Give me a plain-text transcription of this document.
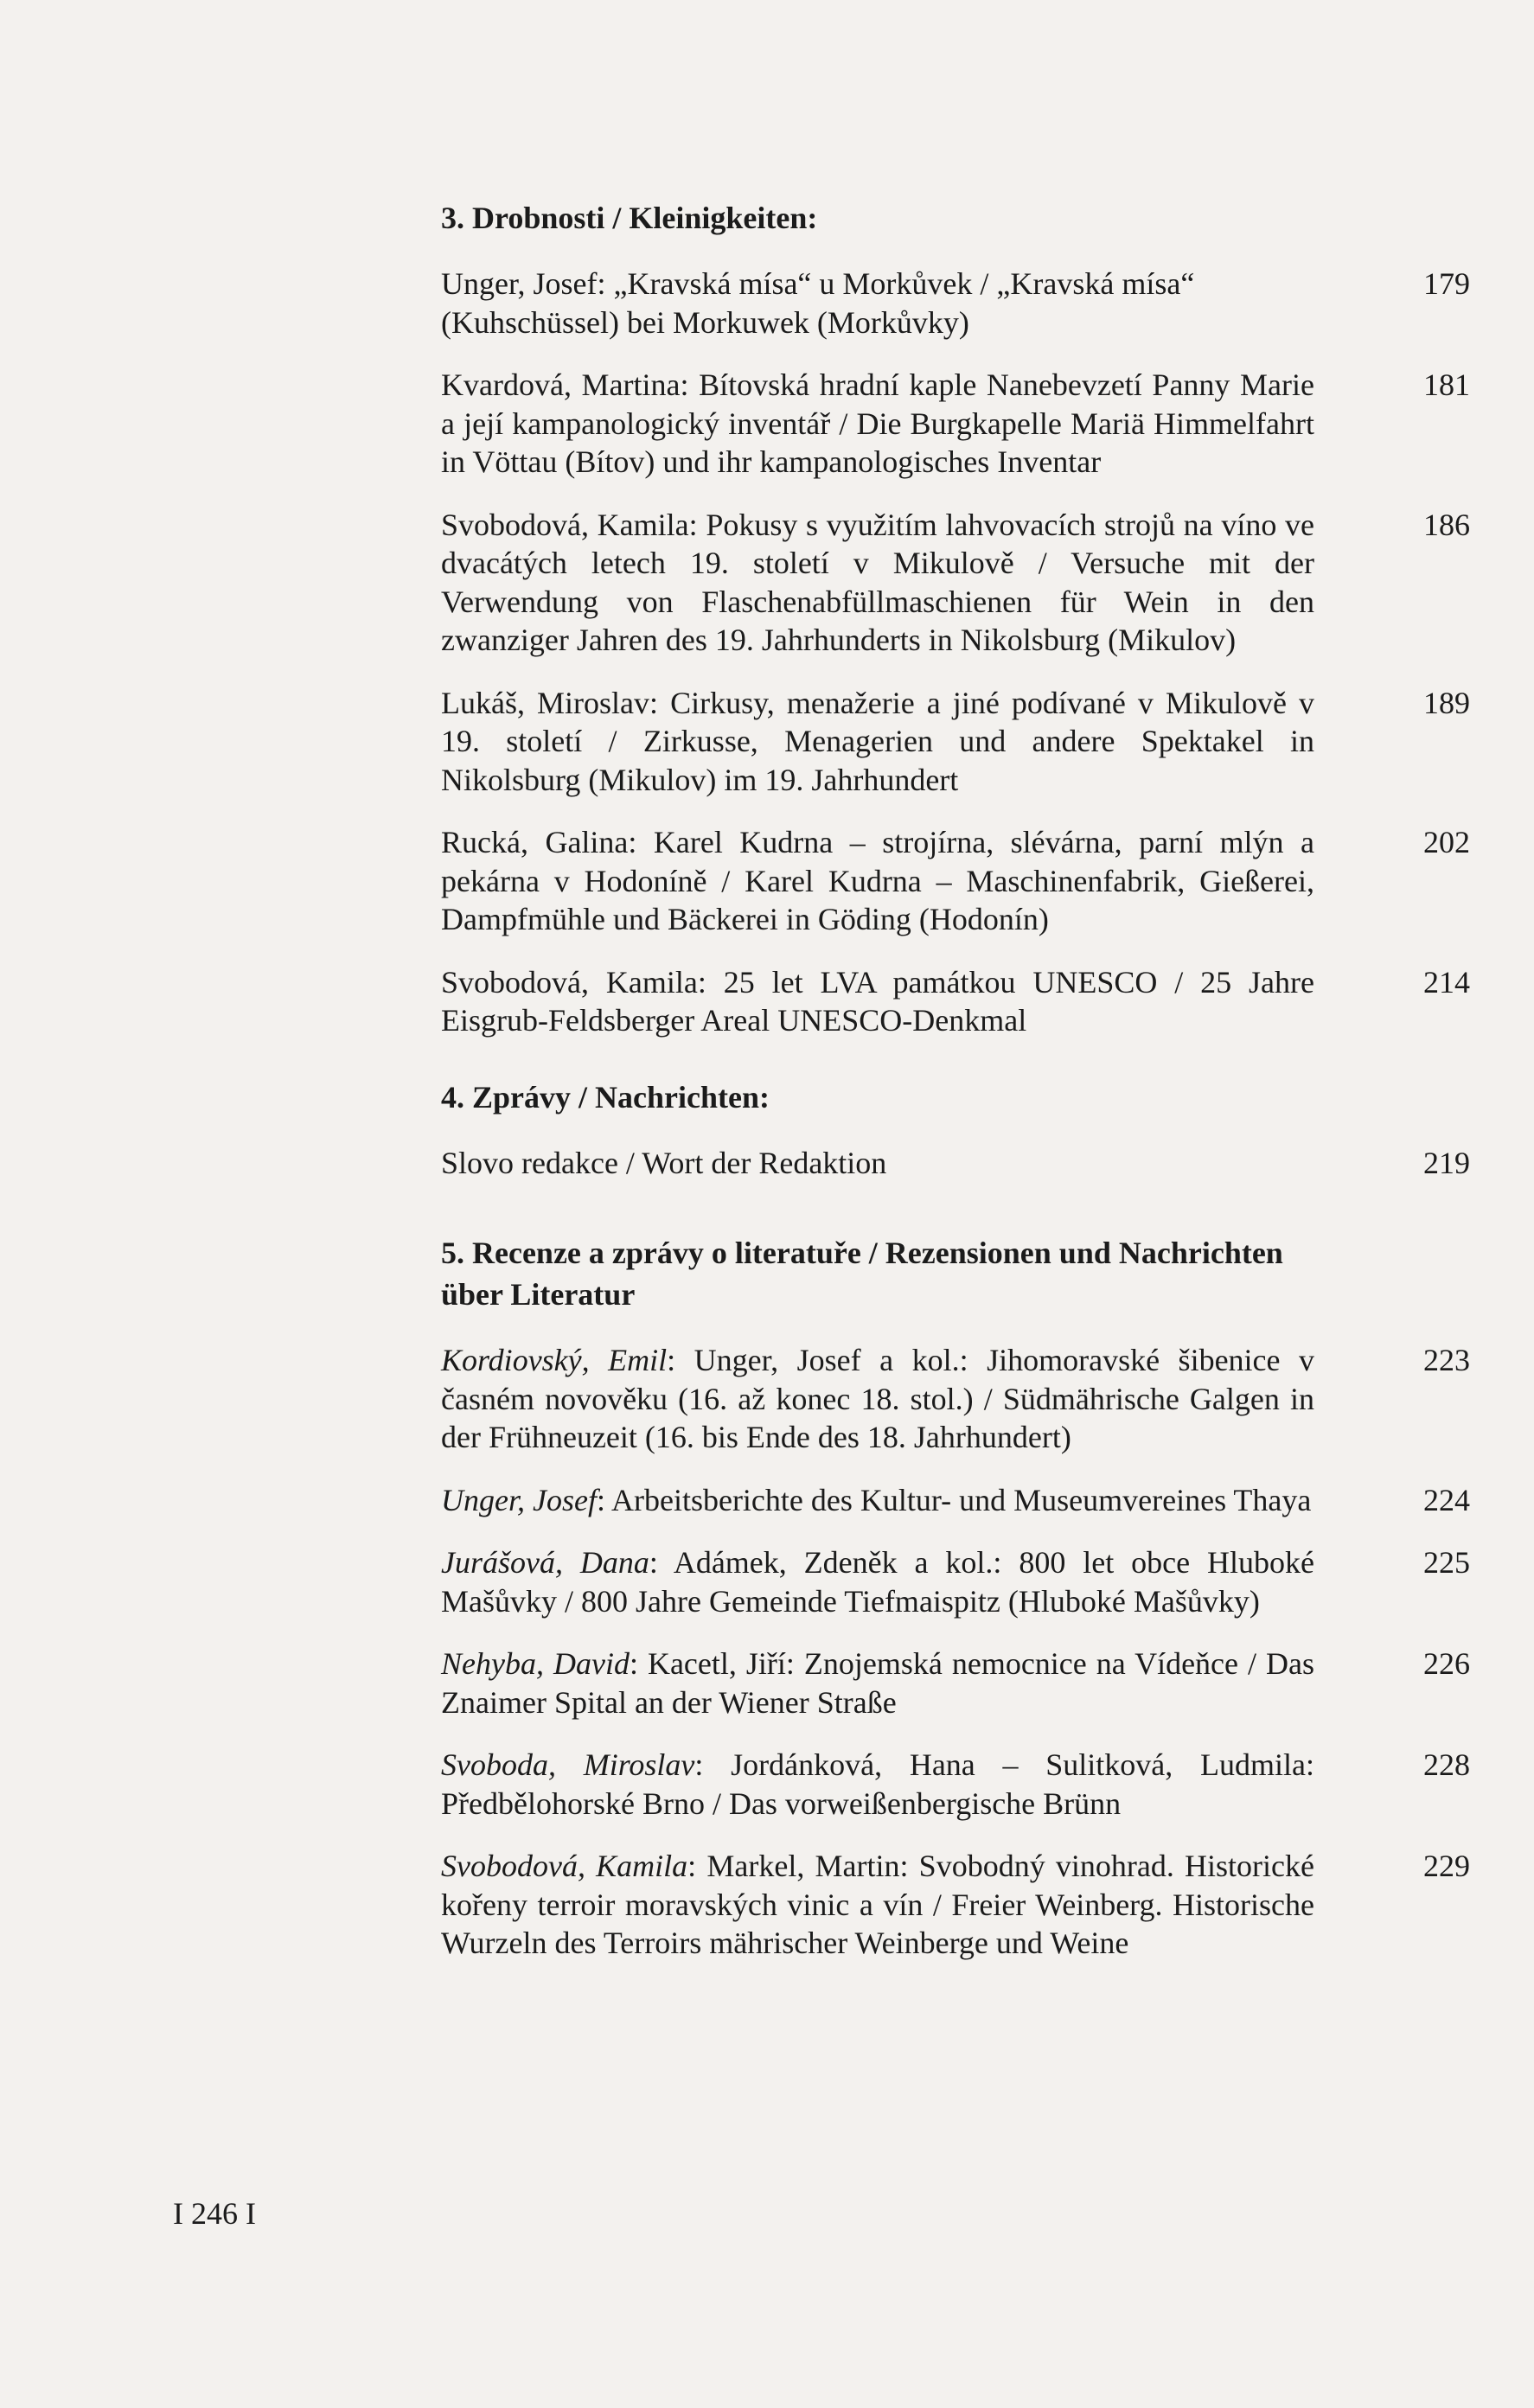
3. Drobnosti / Kleinigkeiten:
Unger, Josef: „Kravská mísa“ u Morkůvek / „Kravská mísa“
(Kuhschüssel) bei Morkuwek (Morkůvky)
179
Kvardová, Martina: Bítovská hradní kaple Nanebevzetí Panny Marie a její kampanologický inventář / Die Burgkapelle Mariä Himmelfahrt in Vöttau (Bítov) und ihr kampanologisches Inventar
181
Svobodová, Kamila: Pokusy s využitím lahvovacích strojů na víno ve dvacátých letech 19. století v Mikulově / Versuche mit der Verwendung von Flaschenabfüllmaschienen für Wein in den zwanziger Jahren des 19. Jahrhunderts in Nikolsburg (Mikulov)
186
Lukáš, Miroslav: Cirkusy, menažerie a jiné podívané v Mikulově v 19. století / Zirkusse, Menagerien und andere Spektakel in Nikolsburg (Mikulov) im 19. Jahrhundert
189
Rucká, Galina: Karel Kudrna – strojírna, slévárna, parní mlýn a pekárna v Hodoníně / Karel Kudrna – Maschinenfabrik, Gießerei, Dampfmühle und Bäckerei in Göding (Hodonín)
202
Svobodová, Kamila: 25 let LVA památkou UNESCO / 25 Jahre Eisgrub-Feldsberger Areal UNESCO-Denkmal
214
4. Zprávy / Nachrichten:
Slovo redakce / Wort der Redaktion	219
5. Recenze a zprávy o literatuře / Rezensionen und Nachrichten über Literatur
Kordiovský, Emil: Unger, Josef a kol.: Jihomoravské šibenice v časném novověku (16. až konec 18. stol.) / Südmährische Galgen in der Frühneuzeit (16. bis Ende des 18. Jahrhundert)
223
Unger, Josef: Arbeitsberichte des Kultur- und Museumvereines Thaya	224
Jurášová, Dana: Adámek, Zdeněk a kol.: 800 let obce Hluboké Mašůvky / 800 Jahre Gemeinde Tiefmaispitz (Hluboké Mašůvky)
225
Nehyba, David: Kacetl, Jiří: Znojemská nemocnice na Vídeňce / Das Znaimer Spital an der Wiener Straße
226
Svoboda, Miroslav: Jordánková, Hana – Sulitková, Ludmila: Předbělohorské Brno / Das vorweißenbergische Brünn
228
Svobodová, Kamila: Markel, Martin: Svobodný vinohrad. Historické kořeny terroir moravských vinic a vín / Freier Weinberg. Historische Wurzeln des Terroirs mährischer Weinberge und Weine
229
I 246 I
